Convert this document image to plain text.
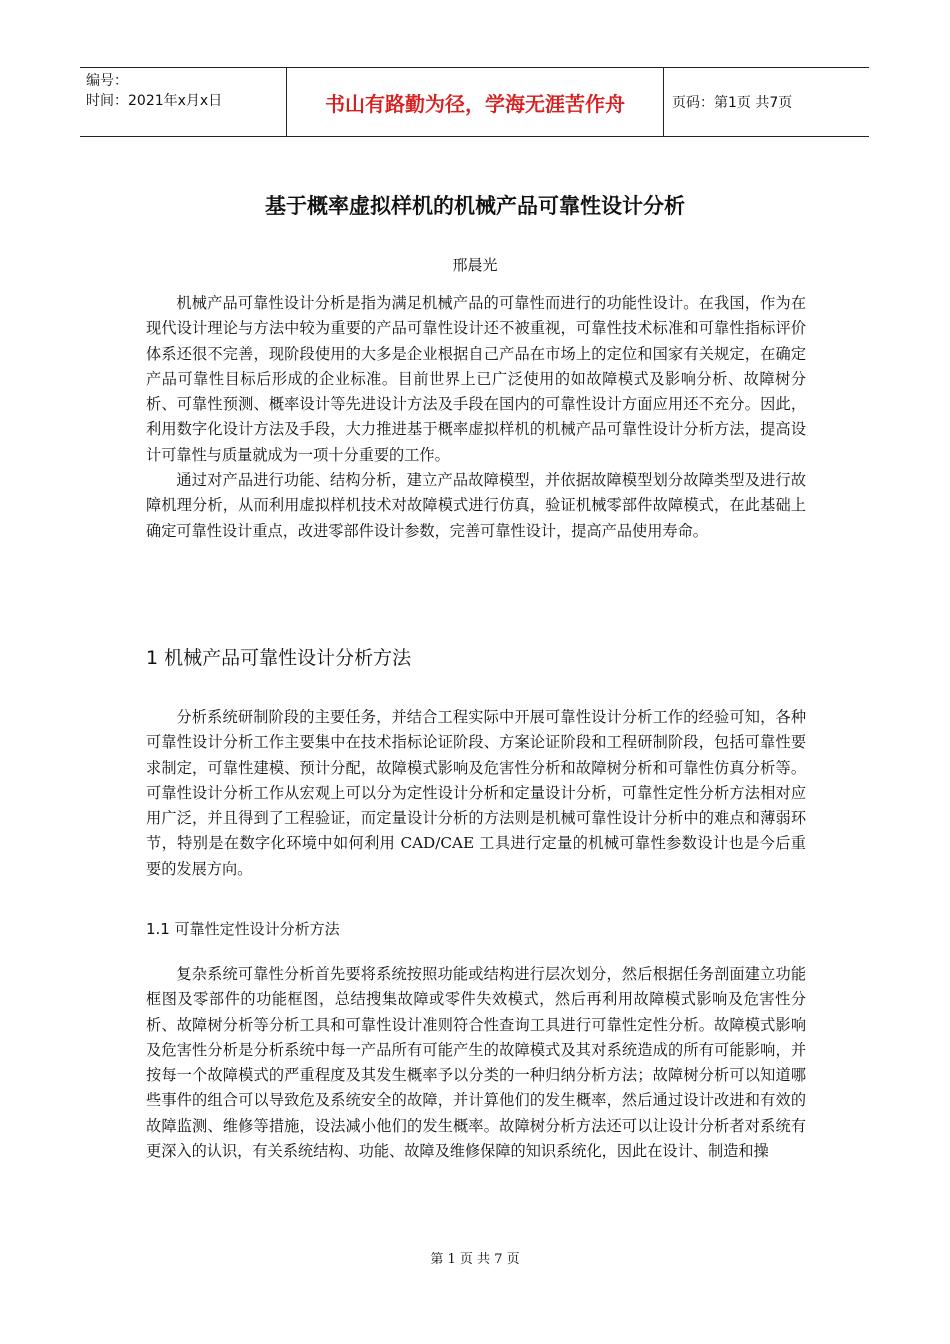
编号：
时间：2021年x月x日	书山有路勤为径，学海无涯苦作舟	页码：第1页 共7页
基于概率虚拟样机的机械产品可靠性设计分析
邢晨光

机械产品可靠性设计分析是指为满足机械产品的可靠性而进行的功能性设计。在我国，作为在现代设计理论与方法中较为重要的产品可靠性设计还不被重视，可靠性技术标准和可靠性指标评价体系还很不完善，现阶段使用的大多是企业根据自己产品在市场上的定位和国家有关规定，在确定产品可靠性目标后形成的企业标准。目前世界上已广泛使用的如故障模式及影响分析、故障树分析、可靠性预测、概率设计等先进设计方法及手段在国内的可靠性设计方面应用还不充分。因此，利用数字化设计方法及手段，大力推进基于概率虚拟样机的机械产品可靠性设计分析方法，提高设计可靠性与质量就成为一项十分重要的工作。

通过对产品进行功能、结构分析，建立产品故障模型，并依据故障模型划分故障类型及进行故障机理分析，从而利用虚拟样机技术对故障模式进行仿真，验证机械零部件故障模式，在此基础上确定可靠性设计重点，改进零部件设计参数，完善可靠性设计，提高产品使用寿命。

1 机械产品可靠性设计分析方法

分析系统研制阶段的主要任务，并结合工程实际中开展可靠性设计分析工作的经验可知，各种可靠性设计分析工作主要集中在技术指标论证阶段、方案论证阶段和工程研制阶段，包括可靠性要求制定，可靠性建模、预计分配，故障模式影响及危害性分析和故障树分析和可靠性仿真分析等。可靠性设计分析工作从宏观上可以分为定性设计分析和定量设计分析，可靠性定性分析方法相对应用广泛，并且得到了工程验证，而定量设计分析的方法则是机械可靠性设计分析中的难点和薄弱环节，特别是在数字化环境中如何利用 CAD/CAE 工具进行定量的机械可靠性参数设计也是今后重要的发展方向。

1.1 可靠性定性设计分析方法

复杂系统可靠性分析首先要将系统按照功能或结构进行层次划分，然后根据任务剖面建立功能框图及零部件的功能框图，总结搜集故障或零件失效模式，然后再利用故障模式影响及危害性分析、故障树分析等分析工具和可靠性设计准则符合性查询工具进行可靠性定性分析。故障模式影响及危害性分析是分析系统中每一产品所有可能产生的故障模式及其对系统造成的所有可能影响，并按每一个故障模式的严重程度及其发生概率予以分类的一种归纳分析方法；故障树分析可以知道哪些事件的组合可以导致危及系统安全的故障，并计算他们的发生概率，然后通过设计改进和有效的故障监测、维修等措施，设法减小他们的发生概率。故障树分析方法还可以让设计分析者对系统有更深入的认识，有关系统结构、功能、故障及维修保障的知识系统化，因此在设计、制造和操

第 1 页 共 7 页
